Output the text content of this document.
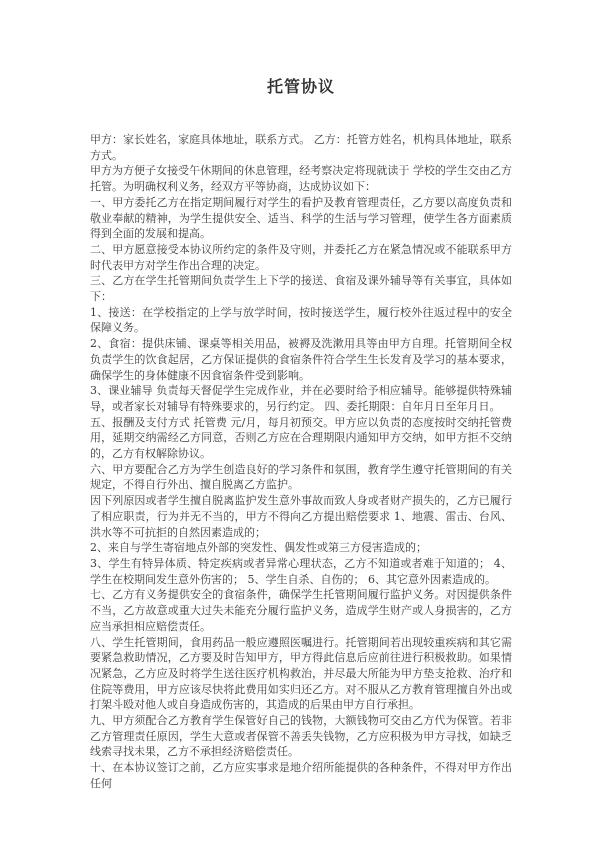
托管协议

甲方：家长姓名，家庭具体地址，联系方式。 乙方：托管方姓名，机构具体地址，联系方式。

甲方为方便子女接受午休期间的休息管理，经考察决定将现就读于 学校的学生交由乙方托管。为明确权利义务，经双方平等协商，达成协议如下：

一、甲方委托乙方在指定期间履行对学生的看护及教育管理责任，乙方要以高度负责和敬业奉献的精神，为学生提供安全、适当、科学的生活与学习管理，使学生各方面素质得到全面的发展和提高。

二、甲方愿意接受本协议所约定的条件及守则，并委托乙方在紧急情况或不能联系甲方时代表甲方对学生作出合理的决定。

三、乙方在学生托管期间负责学生上下学的接送、食宿及课外辅导等有关事宜，具体如下：

1、接送：在学校指定的上学与放学时间，按时接送学生，履行校外往返过程中的安全保障义务。

2、食宿：提供床铺、课桌等相关用品，被褥及洗漱用具等由甲方自理。托管期间全权负责学生的饮食起居，乙方保证提供的食宿条件符合学生生长发育及学习的基本要求，确保学生的身体健康不因食宿条件受到影响。

3、课业辅导 负责每天督促学生完成作业，并在必要时给予相应辅导。能够提供特殊辅导，或者家长对辅导有特殊要求的，另行约定。 四、委托期限：自年月日至年月日。

五、报酬及支付方式 托管费 元/月，每月初预交。甲方应以负责的态度按时交纳托管费用，延期交纳需经乙方同意，否则乙方应在合理期限内通知甲方交纳，如甲方拒不交纳的，乙方有权解除协议。

六、甲方要配合乙方为学生创造良好的学习条件和氛围，教育学生遵守托管期间的有关规定，不得自行外出、擅自脱离乙方监护。

因下列原因或者学生擅自脱离监护发生意外事故而致人身或者财产损失的，乙方已履行了相应职责，行为并无不当的，甲方不得向乙方提出赔偿要求 1、地震、雷击、台风、洪水等不可抗拒的自然因素造成的；

2、来自与学生寄宿地点外部的突发性、偶发性或第三方侵害造成的；

3、学生有特异体质、特定疾病或者异常心理状态，乙方不知道或者难于知道的； 4、学生在校期间发生意外伤害的； 5、学生自杀、自伤的； 6、其它意外因素造成的。

七、乙方有义务提供安全的食宿条件，确保学生托管期间履行监护义务。对因提供条件不当，乙方故意或重大过失未能充分履行监护义务，造成学生财产或人身损害的，乙方应当承担相应赔偿责任。

八、学生托管期间，食用药品一般应遵照医嘱进行。托管期间若出现较重疾病和其它需要紧急救助情况，乙方要及时告知甲方，甲方得此信息后应前往进行积极救助。如果情况紧急，乙方应及时将学生送往医疗机构救治，并尽最大所能为甲方垫支抢救、治疗和住院等费用，甲方应该尽快将此费用如实归还乙方。对不服从乙方教育管理擅自外出或打架斗殴对他人或自身造成伤害的，其造成的后果由甲方自行承担。

九、甲方须配合乙方教育学生保管好自己的钱物，大额钱物可交由乙方代为保管。若非乙方管理责任原因，学生大意或者保管不善丢失钱物，乙方应积极为甲方寻找，如缺乏线索寻找未果，乙方不承担经济赔偿责任。

十、在本协议签订之前，乙方应实事求是地介绍所能提供的各种条件，不得对甲方作出任何
